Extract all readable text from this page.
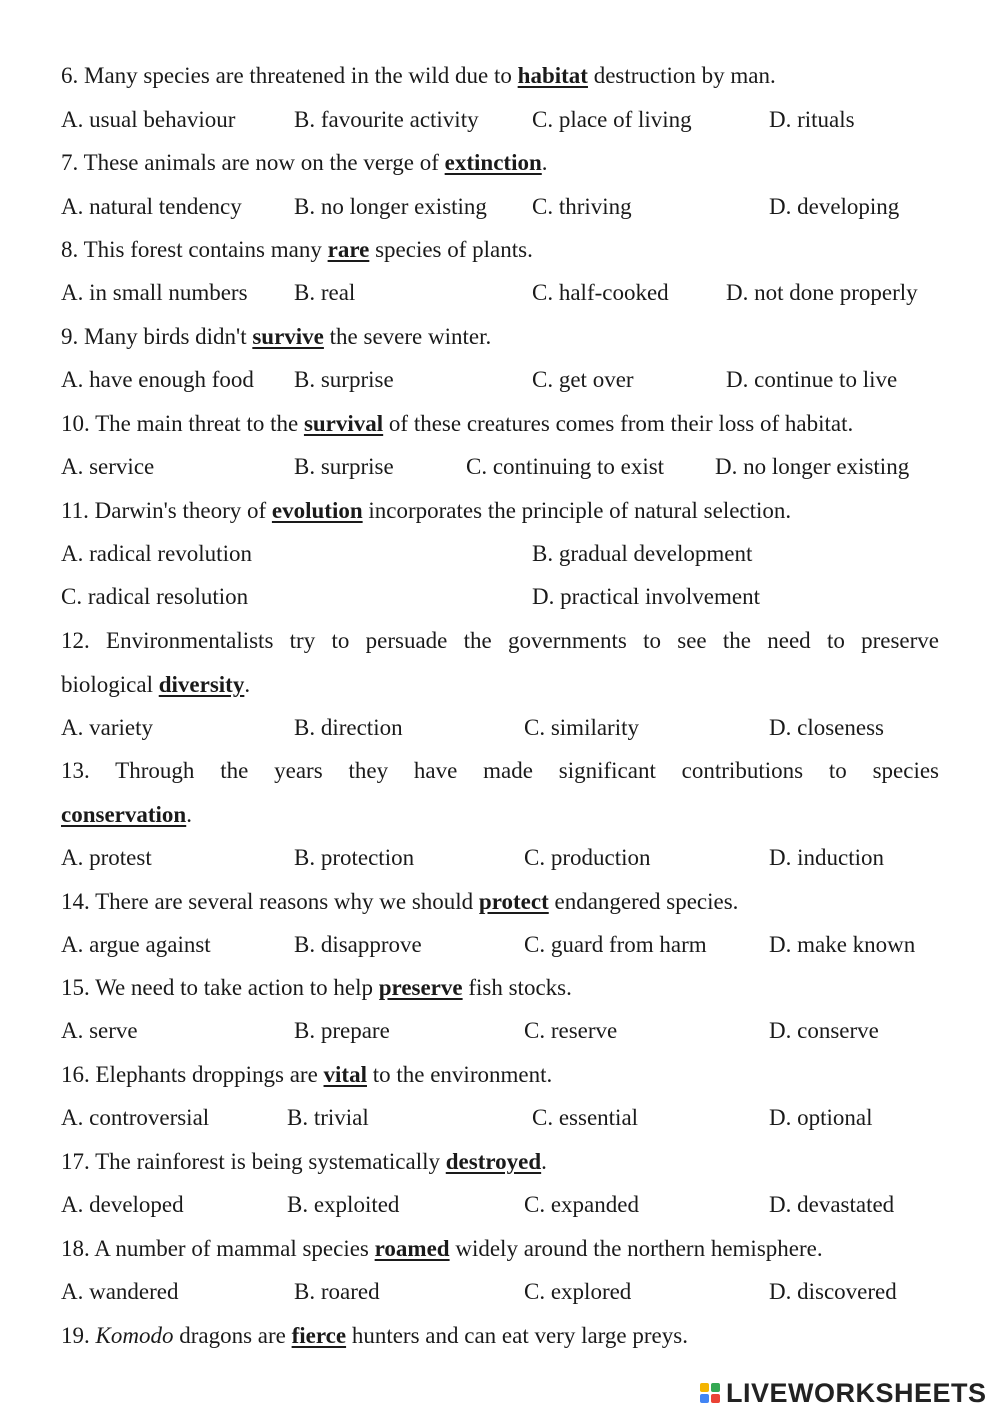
6. Many species are threatened in the wild due to habitat destruction by man.
A. usual behaviour	B. favourite activity C. place of living	D. rituals
7. These animals are now on the verge of extinction.
A. natural tendency B. no longer existing C. thriving	D. developing
8. This forest contains many rare species of plants.
A. in small numbers B. real	C. half-cooked D. not done properly
9. Many birds didn't survive the severe winter.
A. have enough food B. surprise	C. get over	D. continue to live
10. The main threat to the survival of these creatures comes from their loss of habitat.
A. service	B. surprise	C. continuing to exist D. no longer existing
11. Darwin's theory of evolution incorporates the principle of natural selection.
A. radical revolution	B. gradual development
C. radical resolution	D. practical involvement
12. Environmentalists try to persuade the governments to see the need to preserve
biological diversity.
A. variety	B. direction	C. similarity	D. closeness
13. Through the years they have made significant contributions to species
conservation.
A. protest	B. protection	C. production	D. induction
14. There are several reasons why we should protect endangered species.
A. argue against	B. disapprove	C. guard from harm	D. make known
15. We need to take action to help preserve fish stocks.
A. serve	B. prepare	C. reserve	D. conserve
16. Elephants droppings are vital to the environment.
A. controversial	B. trivial	C. essential	D. optional
17. The rainforest is being systematically destroyed.
A. developed	B. exploited	C. expanded	D. devastated
18. A number of mammal species roamed widely around the northern hemisphere.
A. wandered	B. roared	C. explored	D. discovered
19. Komodo dragons are fierce hunters and can eat very large preys.
LIVEWORKSHEETS
